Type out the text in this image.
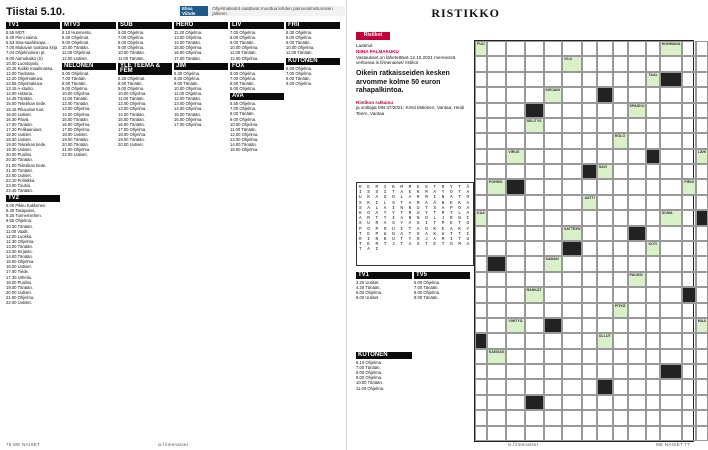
Tiistai 5.10.	Elisa Viihde
Ohjelmatiedot saattavat muuttua lehden painovalmistumisen jälkeen.
TV1
5.55 MOT.
6.40 Pieni saima.
6.53 Sisa-saahkoopa...
7.00 Mukavan tuottava kirja
7.04 Ohjelmoinnin pt.
9.00 Aamuhaiku (S)
10.00 Luontopolu.
10.25 Kaikki maailmassa.
12.00 Tiedossa.
12.20 Ohjelmakuva.
12.55 Ohjelmakuva.
13.15 A-studio.
14.00 Historia.
14.45 Tänään.
15.00 Tekniikan tiede.
15.15 Pika-alan tuut.
16.00 Uutiset.
16.30 Päivä.
17.00 Tänään.
17.20 Pelikaaniaus.
18.00 Uutiset.
18.30 Uutiset.
19.00 Tekniikan tiede.
19.30 Uutiset.
20.00 Puoliso.
20.30 Tänään.
21.00 Tekniikan tiede.
21.30 Tänään.
22.00 Uutiset.
22.10 Politiikka.
23.00 Tuubio.
23.45 Tänään.
TV2
6.00 Pikku Kakkonen.
8.30 Tasapaino.
9.25 Tunnemiehen.
9.55 Ohjelma.
10.30 Tänään.
11.00 Vaalit.
12.00 Luokka.
12.30 Ohjelma.
13.00 Tänään.
13.30 Kirjasto.
14.00 Tänään.
15.00 Ohjelma.
16.00 Uutiset.
17.00 Tiede.
17.30 Urheilu.
18.00 Puoliso.
19.00 Tänään.
20.00 Uutiset.
21.00 Ohjelma.
22.00 Uutiset.
MTV3
6.10 Huomenta.
8.30 Ohjelmat.
9.00 Ohjelmat.
10.00 Tänään.
11.00 Ohjelmat.
12.00 Uutiset.
NELONEN
6.00 Ohjelmat.
7.00 Tänään.
8.00 Tänään.
9.00 Ohjelma.
10.00 Ohjelma.
11.00 Tänään.
12.00 Tänään.
13.00 Ohjelma.
14.00 Ohjelma.
15.00 Tänään.
16.00 Ohjelma.
17.00 Ohjelma.
18.00 Uutiset.
19.00 Tänään.
20.00 Tänään.
21.00 Ohjelma.
22.00 Uutiset.
SUB
6.00 Ohjelma.
7.00 Ohjelma.
8.00 Ohjelma.
9.00 Ohjelma.
10.00 Tänään.
11.00 Tänään.
YLE TEEMA & FEM
6.25 Ohjelmat.
8.00 Tänään.
9.00 Ohjelma.
10.00 Ohjelma.
11.00 Tänään.
12.00 Ohjelma.
13.00 Ohjelma.
14.00 Tänään.
15.00 Tänään.
16.00 Tänään.
17.00 Ohjelma.
18.00 Ohjelma.
19.00 Tänään.
20.00 Uutiset.
HERO
11.20 Ohjelma.
13.00 Ohjelma.
14.00 Tänään.
15.00 Ohjelma.
16.00 Ohjelma.
17.00 Tänään.
JIM
6.30 Ohjelma.
8.00 Ohjelma.
9.00 Tänään.
10.00 Ohjelma.
11.00 Ohjelma.
12.00 Tänään.
13.00 Ohjelma.
14.00 Ohjelma.
15.00 Tänään.
16.00 Ohjelma.
17.00 Ohjelma.
LIV
7.00 Ohjelma.
8.00 Ohjelma.
9.00 Tänään.
10.00 Ohjelma.
11.00 Tänään.
12.00 Ohjelma.
FOX
6.00 Ohjelma.
7.00 Ohjelma.
8.00 Tänään.
9.00 Ohjelma.
AVA
5.55 Ohjelma.
7.00 Ohjelma.
8.00 Tänään.
9.00 Ohjelma.
10.00 Ohjelma.
11.00 Tänään.
12.00 Ohjelma.
13.00 Ohjelma.
14.00 Tänään.
15.00 Ohjelma.
FRII
6.30 Ohjelma.
8.00 Ohjelma.
9.00 Tänään.
10.00 Ohjelma.
11.00 Tänään.
KUTONEN
6.00 Ohjelma.
7.00 Ohjelma.
8.00 Tänään.
9.00 Ohjelma.
76 ME NAISET	is.fi/menaiset
RISTIKKO
Ristikot
Laatinut
NIINA PALMAKUKU
Vastaukset on lähetettävä 12.10.2021 mennessä verkossa is.fi/menaiset/ ristikot
Oikein ratkaisseiden kesken arvomme kolme 50 euron rahapalkintoa.
Ristikon ratkaisu
ja voittajat MN 37/2021: Kirsti Mäkinen, Vantaa; Heidi Teern, Vantaa
R E M I K M M E S T R Y T Ä I S S I T A E K M A T O T A U K A S O L A R M I N A T O S K I L S T A R A Ä N E K A S A L A I N N U T S A P O A K O A Y Y T R U Y T R T L A A R T T I A N N O L J R N I S U R A S Y Ä S I T P E T O P O P O U I T A O K E A K Y T E P U N A T S A K U T T I R I N K U T Y R J A M I T U T E R T J T A S T E T O M A T A I
PUU	HUHMANA
VILU
TAAL
KIRJAIN
SPADKU
SELITYS
RÖLÖ
VIRUS	LÄHI
SAVI
POHMO	PIENI
AATTI
KAA	SOMA
SATTEEN
KOTI
SAMAN
PAUSSI
RANKAT
PITKÄ
VIIHTYÄ	MAA
OLLUT
KANGAS
TV1
3.25 Uutiset.
4.30 Tänään.
5.00 Ohjelma.
6.00 Uutiset.
TV5
6.00 Ohjelma.
7.00 Tänään.
8.00 Ohjelma.
9.00 Tänään.
KUTONEN
6.10 Ohjelma.
7.00 Tänään.
8.00 Ohjelma.
9.00 Ohjelma.
10.00 Tänään.
11.00 Ohjelma.
is.fi/menaiset	ME NAISET 77
